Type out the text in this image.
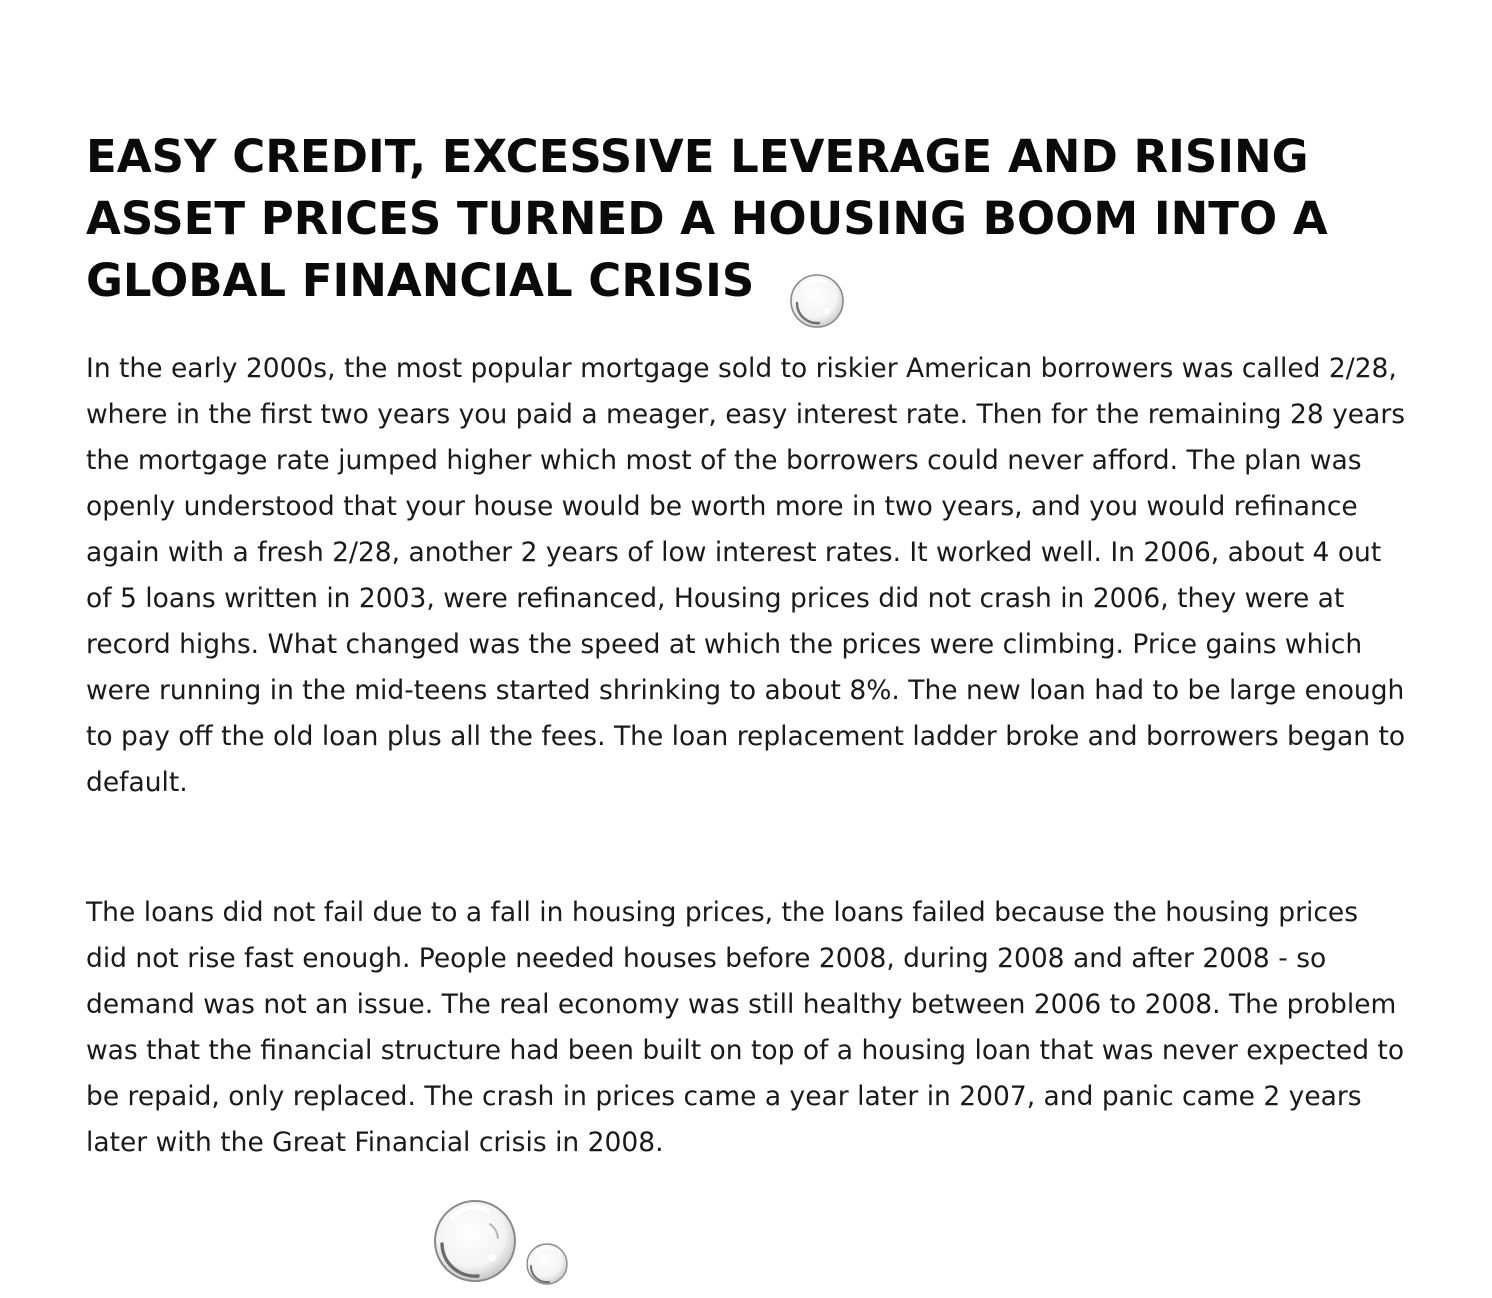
EASY CREDIT, EXCESSIVE LEVERAGE AND RISING ASSET PRICES TURNED A HOUSING BOOM INTO A GLOBAL FINANCIAL CRISIS

In the early 2000s, the most popular mortgage sold to riskier American borrowers was called 2/28, where in the first two years you paid a meager, easy interest rate. Then for the remaining 28 years the mortgage rate jumped higher which most of the borrowers could never afford. The plan was openly understood that your house would be worth more in two years, and you would refinance again with a fresh 2/28, another 2 years of low interest rates. It worked well. In 2006, about 4 out of 5 loans written in 2003, were refinanced, Housing prices did not crash in 2006, they were at record highs. What changed was the speed at which the prices were climbing. Price gains which were running in the mid-teens started shrinking to about 8%. The new loan had to be large enough to pay off the old loan plus all the fees. The loan replacement ladder broke and borrowers began to default.

The loans did not fail due to a fall in housing prices, the loans failed because the housing prices did not rise fast enough. People needed houses before 2008, during 2008 and after 2008 - so demand was not an issue. The real economy was still healthy between 2006 to 2008. The problem was that the financial structure had been built on top of a housing loan that was never expected to be repaid, only replaced. The crash in prices came a year later in 2007, and panic came 2 years later with the Great Financial crisis in 2008.
